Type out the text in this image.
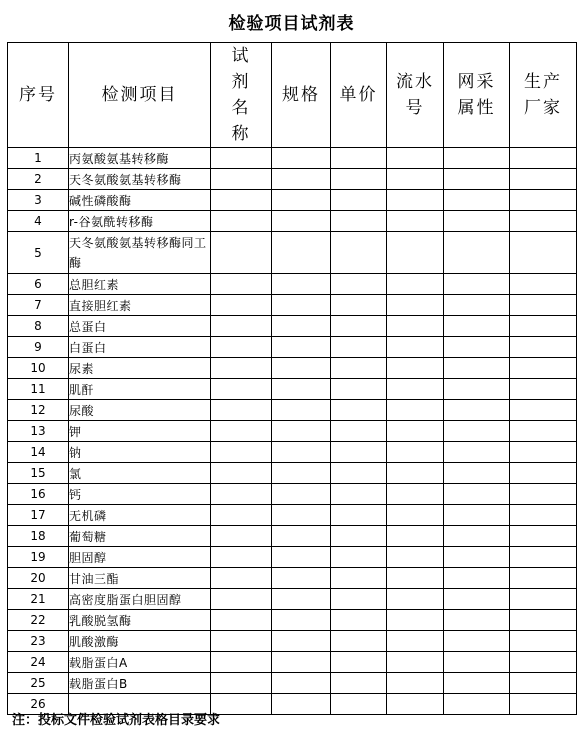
检验项目试剂表
序号	检测项目	试剂名称	规格	单价	流水号	网采属性	生产厂家
1	丙氨酸氨基转移酶						
2	天冬氨酸氨基转移酶						
3	碱性磷酸酶						
4	r-谷氨酰转移酶						
5	天冬氨酸氨基转移酶同工酶						
6	总胆红素						
7	直接胆红素						
8	总蛋白						
9	白蛋白						
10	尿素						
11	肌酐						
12	尿酸						
13	钾						
14	钠						
15	氯						
16	钙						
17	无机磷						
18	葡萄糖						
19	胆固醇						
20	甘油三酯						
21	高密度脂蛋白胆固醇						
22	乳酸脱氢酶						
23	肌酸激酶						
24	载脂蛋白A						
25	载脂蛋白B						
26							
注：投标文件检验试剂表格目录要求
